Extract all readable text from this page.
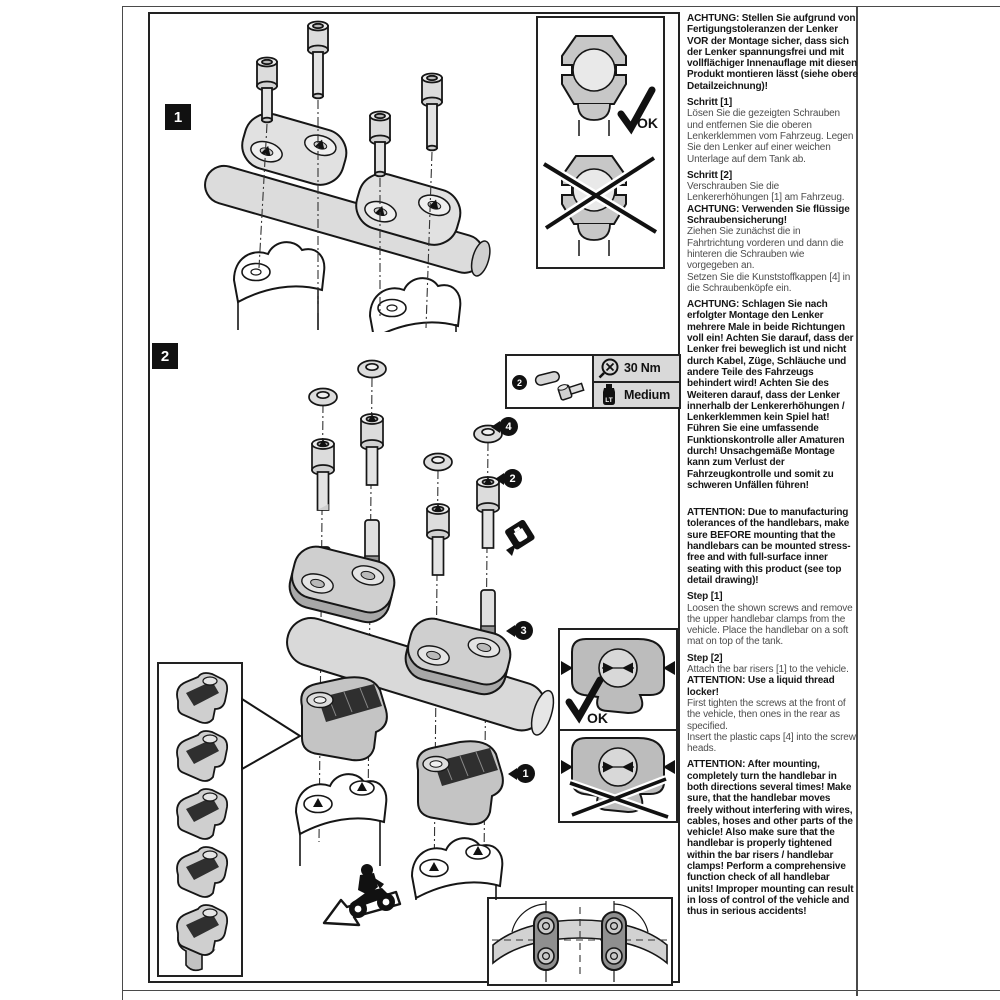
1	OK
2
2
30 Nm
LT Medium
4
2
3
1
OK

ACHTUNG: Stellen Sie aufgrund von Fertigungstoleranzen der Lenker VOR der Montage sicher, dass sich der Lenker spannungsfrei und mit vollflächiger Innenauflage mit diesen Produkt montieren lässt (siehe obere Detailzeichnung)!

Schritt [1]

Lösen Sie die gezeigten Schrauben und entfernen Sie die oberen Lenkerklemmen vom Fahrzeug. Legen Sie den Lenker auf einer weichen Unterlage auf dem Tank ab.

Schritt [2]

Verschrauben Sie die Lenkererhöhungen [1] am Fahrzeug.

ACHTUNG: Verwenden Sie flüssige Schraubensicherung!

Ziehen Sie zunächst die in Fahrtrichtung vorderen und dann die hinteren die Schrauben wie vorgegeben an.

Setzen Sie die Kunststoffkappen [4] in die Schraubenköpfe ein.

ACHTUNG: Schlagen Sie nach erfolgter Montage den Lenker mehrere Male in beide Richtungen voll ein! Achten Sie darauf, dass der Lenker frei beweglich ist und nicht durch Kabel, Züge, Schläuche und andere Teile des Fahrzeugs behindert wird! Achten Sie des Weiteren darauf, dass der Lenker innerhalb der Lenkererhöhungen / Lenkerklemmen kein Spiel hat! Führen Sie eine umfassende Funktionskontrolle aller Amaturen durch! Unsachgemäße Montage kann zum Verlust der Fahrzeugkontrolle und somit zu schweren Unfällen führen!

ATTENTION: Due to manufacturing tolerances of the handlebars, make sure BEFORE mounting that the handlebars can be mounted stress-free and with full-surface inner seating with this product (see top detail drawing)!

Step [1]

Loosen the shown screws and remove the upper handlebar clamps from the vehicle. Place the handlebar on a soft mat on top of the tank.

Step [2]

Attach the bar risers [1] to the vehicle.

ATTENTION: Use a liquid thread locker!

First tighten the screws at the front of the vehicle, then ones in the rear as specified.

Insert the plastic caps [4] into the screw heads.

ATTENTION: After mounting, completely turn the handlebar in both directions several times! Make sure, that the handlebar moves freely without interfering with wires, cables, hoses and other parts of the vehicle! Also make sure that the handlebar is properly tightened within the bar risers / handlebar clamps! Perform a comprehensive function check of all handlebar units! Improper mounting can result in loss of control of the vehicle and thus in serious accidents!
